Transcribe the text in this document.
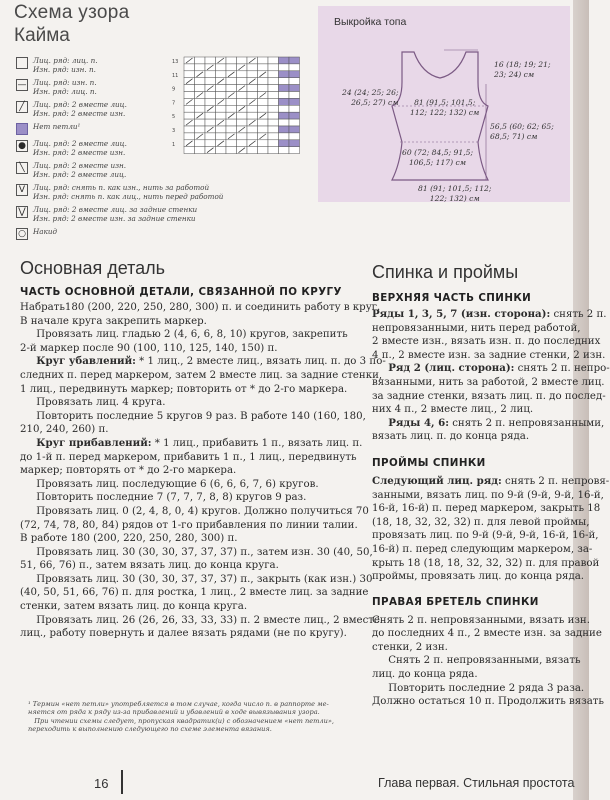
Схема узора
Кайма
Лиц. ряд: лиц. п.
Изн. ряд: изн. п.
— Лиц. ряд: изн. п.
Изн. ряд: лиц. п.
╱	Лиц. ряд: 2 вместе лиц.
Изн. ряд: 2 вместе изн.
Нет петли¹
● Лиц. ряд: 2 вместе лиц.
Изн. ряд: 2 вместе изн.
╲	Лиц. ряд: 2 вместе изн.
Изн. ряд: 2 вместе лиц.
V	Лиц. ряд: снять п. как изн., нить за работой
Изн. ряд: снять п. как лиц., нить перед работой
⋁	Лиц. ряд: 2 вместе лиц. за задние стенки
Изн. ряд: 2 вместе изн. за задние стенки
○ Накид
13
11
9
7
5
3
1
Выкройка топа
16 (18; 19; 21;
23; 24) см
24 (24; 25; 26;
26,5; 27) см	81 (91,5; 101,5;
112; 122; 132) см
56,5 (60; 62; 65;
68,5; 71) см
60 (72; 84,5; 91,5;
106,5; 117) см
81 (91; 101,5; 112;
122; 132) см
Основная деталь
ЧАСТЬ ОСНОВНОЙ ДЕТАЛИ, СВЯЗАННОЙ ПО КРУГУ
Набрать180 (200, 220, 250, 280, 300) п. и соединить работу в круг.
В начале круга закрепить маркер.
Провязать лиц. гладью 2 (4, 6, 6, 8, 10) кругов, закрепить
2-й маркер после 90 (100, 110, 125, 140, 150) п.
Круг убавлений: * 1 лиц., 2 вместе лиц., вязать лиц. п. до 3 по-
следних п. перед маркером, затем 2 вместе лиц. за задние стенки,
1 лиц., передвинуть маркер; повторить от * до 2-го маркера.
Провязать лиц. 4 круга.
Повторить последние 5 кругов 9 раз. В работе 140 (160, 180,
210, 240, 260) п.
Круг прибавлений: * 1 лиц., прибавить 1 п., вязать лиц. п.
до 1-й п. перед маркером, прибавить 1 п., 1 лиц., передвинуть
маркер; повторять от * до 2-го маркера.
Провязать лиц. последующие 6 (6, 6, 6, 7, 6) кругов.
Повторить последние 7 (7, 7, 7, 8, 8) кругов 9 раз.
Провязать лиц. 0 (2, 4, 8, 0, 4) кругов. Должно получиться 70
(72, 74, 78, 80, 84) рядов от 1-го прибавления по линии талии.
В работе 180 (200, 220, 250, 280, 300) п.
Провязать лиц. 30 (30, 30, 37, 37, 37) п., затем изн. 30 (40, 50,
51, 66, 76) п., затем вязать лиц. до конца круга.
Провязать лиц. 30 (30, 30, 37, 37, 37) п., закрыть (как изн.) 30
(40, 50, 51, 66, 76) п. для ростка, 1 лиц., 2 вместе лиц. за задние
стенки, затем вязать лиц. до конца круга.
Провязать лиц. 26 (26, 26, 33, 33, 33) п. 2 вместе лиц., 2 вместе
лиц., работу повернуть и далее вязать рядами (не по кругу).
¹ Термин «нет петли» употребляется в том случае, когда число п. в раппорте ме-
няется от ряда к ряду из-за прибавлений и убавлений в ходе вывязывания узора.
При чтении схемы следует, пропуская квадратик(и) с обозначением «нет петли»,
переходить к выполнению следующего по схеме элемента вязания.
Спинка и проймы
ВЕРХНЯЯ ЧАСТЬ СПИНКИ
Ряды 1, 3, 5, 7 (изн. сторона): снять 2 п.
непровязанными, нить перед работой,
2 вместе изн., вязать изн. п. до последних
4 п., 2 вместе изн. за задние стенки, 2 изн.
Ряд 2 (лиц. сторона): снять 2 п. непро-
вязанными, нить за работой, 2 вместе лиц.
за задние стенки, вязать лиц. п. до послед-
них 4 п., 2 вместе лиц., 2 лиц.
Ряды 4, 6: снять 2 п. непровязанными,
вязать лиц. п. до конца ряда.
ПРОЙМЫ СПИНКИ
Следующий лиц. ряд: снять 2 п. непровя-
занными, вязать лиц. по 9-й (9-й, 9-й, 16-й,
16-й, 16-й) п. перед маркером, закрыть 18
(18, 18, 32, 32, 32) п. для левой проймы,
провязать лиц. по 9-й (9-й, 9-й, 16-й, 16-й,
16-й) п. перед следующим маркером, за-
крыть 18 (18, 18, 32, 32, 32) п. для правой
проймы, провязать лиц. до конца ряда.
ПРАВАЯ БРЕТЕЛЬ СПИНКИ
Снять 2 п. непровязанными, вязать изн.
до последних 4 п., 2 вместе изн. за задние
стенки, 2 изн.
Снять 2 п. непровязанными, вязать
лиц. до конца ряда.
Повторить последние 2 ряда 3 раза.
Должно остаться 10 п. Продолжить вязать
16	Глава первая. Стильная простота
